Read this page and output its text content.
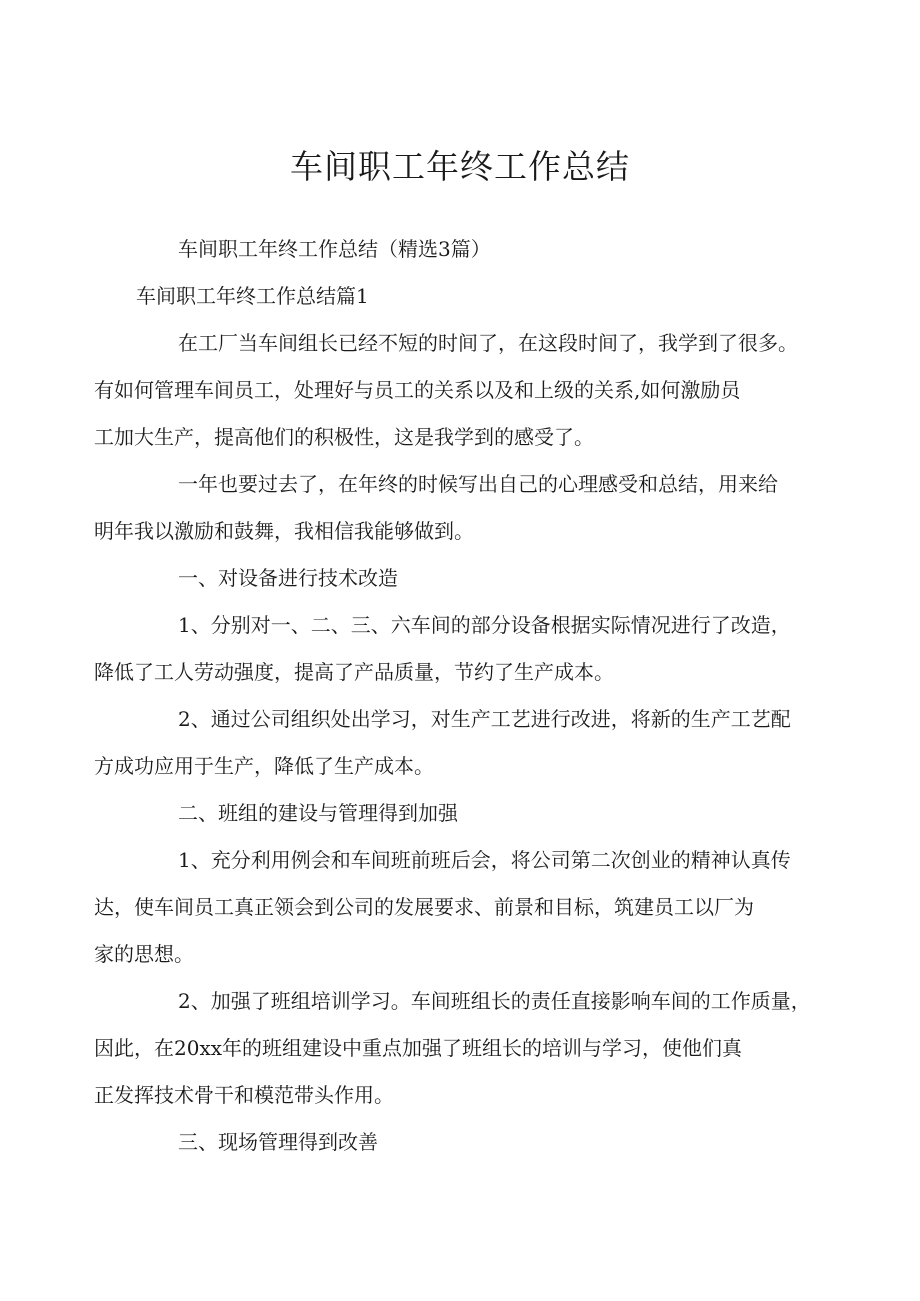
车间职工年终工作总结

车间职工年终工作总结（精选3篇）

车间职工年终工作总结篇1

在工厂当车间组长已经不短的时间了，在这段时间了，我学到了很多。
有如何管理车间员工，处理好与员工的关系以及和上级的关系,如何激励员
工加大生产，提高他们的积极性，这是我学到的感受了。

一年也要过去了，在年终的时候写出自己的心理感受和总结，用来给
明年我以激励和鼓舞，我相信我能够做到。

一、对设备进行技术改造

1、分别对一、二、三、六车间的部分设备根据实际情况进行了改造，
降低了工人劳动强度，提高了产品质量，节约了生产成本。

2、通过公司组织处出学习，对生产工艺进行改进，将新的生产工艺配
方成功应用于生产，降低了生产成本。

二、班组的建设与管理得到加强

1、充分利用例会和车间班前班后会，将公司第二次创业的精神认真传
达，使车间员工真正领会到公司的发展要求、前景和目标，筑建员工以厂为
家的思想。

2、加强了班组培训学习。车间班组长的责任直接影响车间的工作质量，
因此，在20xx年的班组建设中重点加强了班组长的培训与学习，使他们真
正发挥技术骨干和模范带头作用。

三、现场管理得到改善
